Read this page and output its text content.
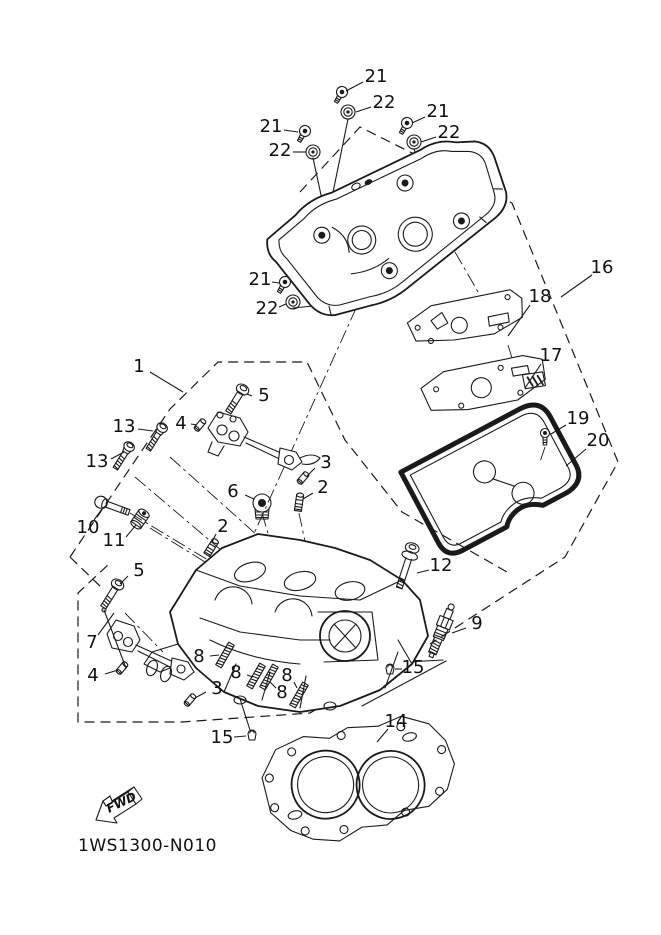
21
22 21
22
21
22
21
22
16
18
17
19
20
1
5
4
13
13
10
11
6	2
3
2
5
7
4
3
8
8 8
8
15
12
9
15
14
FWD
1WS1300-N010
